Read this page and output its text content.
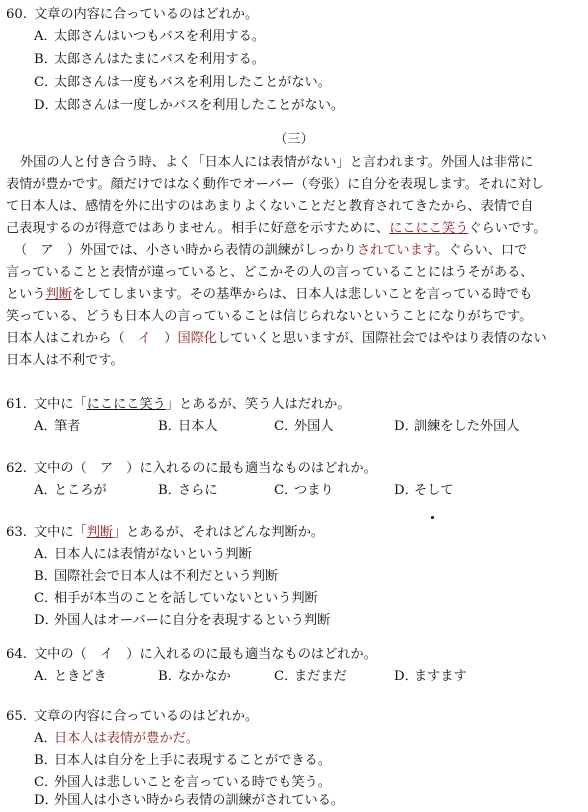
60. 文章の内容に合っているのはどれか。
A．太郎さんはいつもバスを利用する。
B．太郎さんはたまにバスを利用する。
C．太郎さんは一度もバスを利用したことがない。
D．太郎さんは一度しかバスを利用したことがない。
（三）
外国の人と付き合う時、よく「日本人には表情がない」と言われます。外国人は非常に
表情が豊かです。顔だけではなく動作でオーバー（夸张）に自分を表現します。それに対し
て日本人は、感情を外に出すのはあまりよくないことだと教育されてきたから、表情で自
己表現するのが得意ではありません。相手に好意を示すために、にこにこ笑うぐらいです。
（　ア　）外国では、小さい時から表情の訓練がしっかりされています。ぐらい、口で
言っていることと表情が違っていると、どこかその人の言っていることにはうそがある、
という判断をしてしまいます。その基準からは、日本人は悲しいことを言っている時でも
笑っている、どうも日本人の言っていることは信じられないということになりがちです。
日本人はこれから（　イ　）国際化していくと思いますが、国際社会ではやはり表情のない
日本人は不利です。
61. 文中に「にこにこ笑う」とあるが、笑う人はだれか。
A．筆者	B．日本人	C．外国人	D．訓練をした外国人
62. 文中の（　ア　）に入れるのに最も適当なものはどれか。
A．ところが	B．さらに	C．つまり	D．そして
63. 文中に「判断」とあるが、それはどんな判断か。
A．日本人には表情がないという判断
B．国際社会で日本人は不利だという判断
C．相手が本当のことを話していないという判断
D．外国人はオーバーに自分を表現するという判断
64. 文中の（　イ　）に入れるのに最も適当なものはどれか。
A．ときどき	B．なかなか	C．まだまだ	D．ますます
65. 文章の内容に合っているのはどれか。
A．日本人は表情が豊かだ。
B．日本人は自分を上手に表現することができる。
C．外国人は悲しいことを言っている時でも笑う。
D．外国人は小さい時から表情の訓練がされている。
